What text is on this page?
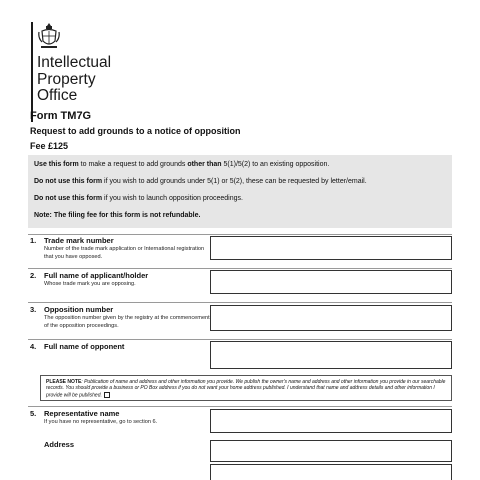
Intellectual
Property
Office
Form TM7G
Request to add grounds to a notice of opposition
Fee £125

Use this form to make a request to add grounds other than 5(1)/5(2) to an existing opposition.

Do not use this form if you wish to add grounds under 5(1) or 5(2), these can be requested by letter/email.

Do not use this form if you wish to launch opposition proceedings.

Note: The filing fee for this form is not refundable.

1. Trade mark number
Number of the trade mark application or International registration that you have opposed.
2. Full name of applicant/holder
Whose trade mark you are opposing.
3. Opposition number
The opposition number given by the registry at the commencement of the opposition proceedings.
4. Full name of opponent
PLEASE NOTE: Publication of name and address and other information you provide. We publish the owner's name and address and other information you provide in our searchable records. You should provide a business or PO Box address if you do not want your home address published. I understand that name and address details and other information I provide will be published.
5. Representative name
If you have no representative, go to section 6.
Address
